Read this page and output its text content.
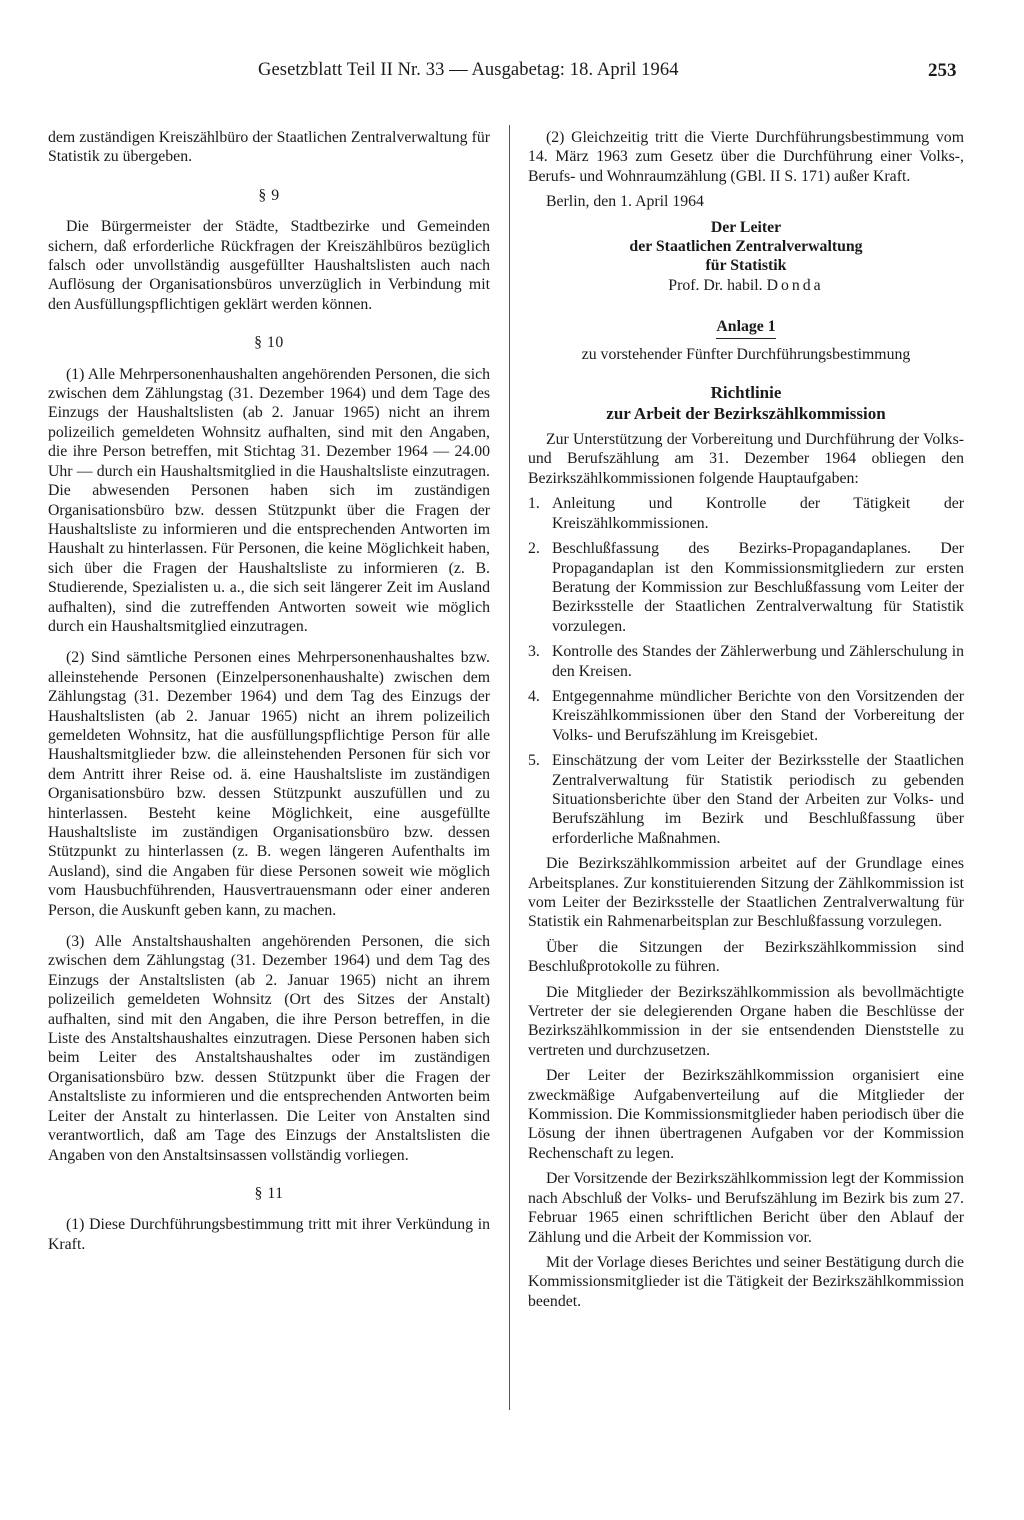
Gesetzblatt Teil II Nr. 33 — Ausgabetag: 18. April 1964	253

dem zuständigen Kreiszählbüro der Staatlichen Zentralverwaltung für Statistik zu übergeben.

§ 9

Die Bürgermeister der Städte, Stadtbezirke und Gemeinden sichern, daß erforderliche Rückfragen der Kreiszählbüros bezüglich falsch oder unvollständig ausgefüllter Haushaltslisten auch nach Auflösung der Organisationsbüros unverzüglich in Verbindung mit den Ausfüllungspflichtigen geklärt werden können.

§ 10

(1) Alle Mehrpersonenhaushalten angehörenden Personen, die sich zwischen dem Zählungstag (31. Dezember 1964) und dem Tage des Einzugs der Haushaltslisten (ab 2. Januar 1965) nicht an ihrem polizeilich gemeldeten Wohnsitz aufhalten, sind mit den Angaben, die ihre Person betreffen, mit Stichtag 31. Dezember 1964 — 24.00 Uhr — durch ein Haushaltsmitglied in die Haushaltsliste einzutragen. Die abwesenden Personen haben sich im zuständigen Organisationsbüro bzw. dessen Stützpunkt über die Fragen der Haushaltsliste zu informieren und die entsprechenden Antworten im Haushalt zu hinterlassen. Für Personen, die keine Möglichkeit haben, sich über die Fragen der Haushaltsliste zu informieren (z. B. Studierende, Spezialisten u. a., die sich seit längerer Zeit im Ausland aufhalten), sind die zutreffenden Antworten soweit wie möglich durch ein Haushaltsmitglied einzutragen.

(2) Sind sämtliche Personen eines Mehrpersonenhaushaltes bzw. alleinstehende Personen (Einzelpersonenhaushalte) zwischen dem Zählungstag (31. Dezember 1964) und dem Tag des Einzugs der Haushaltslisten (ab 2. Januar 1965) nicht an ihrem polizeilich gemeldeten Wohnsitz, hat die ausfüllungspflichtige Person für alle Haushaltsmitglieder bzw. die alleinstehenden Personen für sich vor dem Antritt ihrer Reise od. ä. eine Haushaltsliste im zuständigen Organisationsbüro bzw. dessen Stützpunkt auszufüllen und zu hinterlassen. Besteht keine Möglichkeit, eine ausgefüllte Haushaltsliste im zuständigen Organisationsbüro bzw. dessen Stützpunkt zu hinterlassen (z. B. wegen längeren Aufenthalts im Ausland), sind die Angaben für diese Personen soweit wie möglich vom Hausbuchführenden, Hausvertrauensmann oder einer anderen Person, die Auskunft geben kann, zu machen.

(3) Alle Anstaltshaushalten angehörenden Personen, die sich zwischen dem Zählungstag (31. Dezember 1964) und dem Tag des Einzugs der Anstaltslisten (ab 2. Januar 1965) nicht an ihrem polizeilich gemeldeten Wohnsitz (Ort des Sitzes der Anstalt) aufhalten, sind mit den Angaben, die ihre Person betreffen, in die Liste des Anstaltshaushaltes einzutragen. Diese Personen haben sich beim Leiter des Anstaltshaushaltes oder im zuständigen Organisationsbüro bzw. dessen Stützpunkt über die Fragen der Anstaltsliste zu informieren und die entsprechenden Antworten beim Leiter der Anstalt zu hinterlassen. Die Leiter von Anstalten sind verantwortlich, daß am Tage des Einzugs der Anstaltslisten die Angaben von den Anstaltsinsassen vollständig vorliegen.

§ 11

(1) Diese Durchführungsbestimmung tritt mit ihrer Verkündung in Kraft.

(2) Gleichzeitig tritt die Vierte Durchführungsbestimmung vom 14. März 1963 zum Gesetz über die Durchführung einer Volks-, Berufs- und Wohnraumzählung (GBl. II S. 171) außer Kraft.

Berlin, den 1. April 1964

Der Leiter
der Staatlichen Zentralverwaltung
für Statistik
Prof. Dr. habil. Donda
Anlage 1
zu vorstehender Fünfter Durchführungsbestimmung
Richtlinie
zur Arbeit der Bezirkszählkommission

Zur Unterstützung der Vorbereitung und Durchführung der Volks- und Berufszählung am 31. Dezember 1964 obliegen den Bezirkszählkommissionen folgende Hauptaufgaben:

1. Anleitung und Kontrolle der Tätigkeit der Kreiszählkommissionen.
2. Beschlußfassung des Bezirks-Propagandaplanes. Der Propagandaplan ist den Kommissionsmitgliedern zur ersten Beratung der Kommission zur Beschlußfassung vom Leiter der Bezirksstelle der Staatlichen Zentralverwaltung für Statistik vorzulegen.
3. Kontrolle des Standes der Zählerwerbung und Zählerschulung in den Kreisen.
4. Entgegennahme mündlicher Berichte von den Vorsitzenden der Kreiszählkommissionen über den Stand der Vorbereitung der Volks- und Berufszählung im Kreisgebiet.
5. Einschätzung der vom Leiter der Bezirksstelle der Staatlichen Zentralverwaltung für Statistik periodisch zu gebenden Situationsberichte über den Stand der Arbeiten zur Volks- und Berufszählung im Bezirk und Beschlußfassung über erforderliche Maßnahmen.

Die Bezirkszählkommission arbeitet auf der Grundlage eines Arbeitsplanes. Zur konstituierenden Sitzung der Zählkommission ist vom Leiter der Bezirksstelle der Staatlichen Zentralverwaltung für Statistik ein Rahmenarbeitsplan zur Beschlußfassung vorzulegen.

Über die Sitzungen der Bezirkszählkommission sind Beschlußprotokolle zu führen.

Die Mitglieder der Bezirkszählkommission als bevollmächtigte Vertreter der sie delegierenden Organe haben die Beschlüsse der Bezirkszählkommission in der sie entsendenden Dienststelle zu vertreten und durchzusetzen.

Der Leiter der Bezirkszählkommission organisiert eine zweckmäßige Aufgabenverteilung auf die Mitglieder der Kommission. Die Kommissionsmitglieder haben periodisch über die Lösung der ihnen übertragenen Aufgaben vor der Kommission Rechenschaft zu legen.

Der Vorsitzende der Bezirkszählkommission legt der Kommission nach Abschluß der Volks- und Berufszählung im Bezirk bis zum 27. Februar 1965 einen schriftlichen Bericht über den Ablauf der Zählung und die Arbeit der Kommission vor.

Mit der Vorlage dieses Berichtes und seiner Bestätigung durch die Kommissionsmitglieder ist die Tätigkeit der Bezirkszählkommission beendet.
